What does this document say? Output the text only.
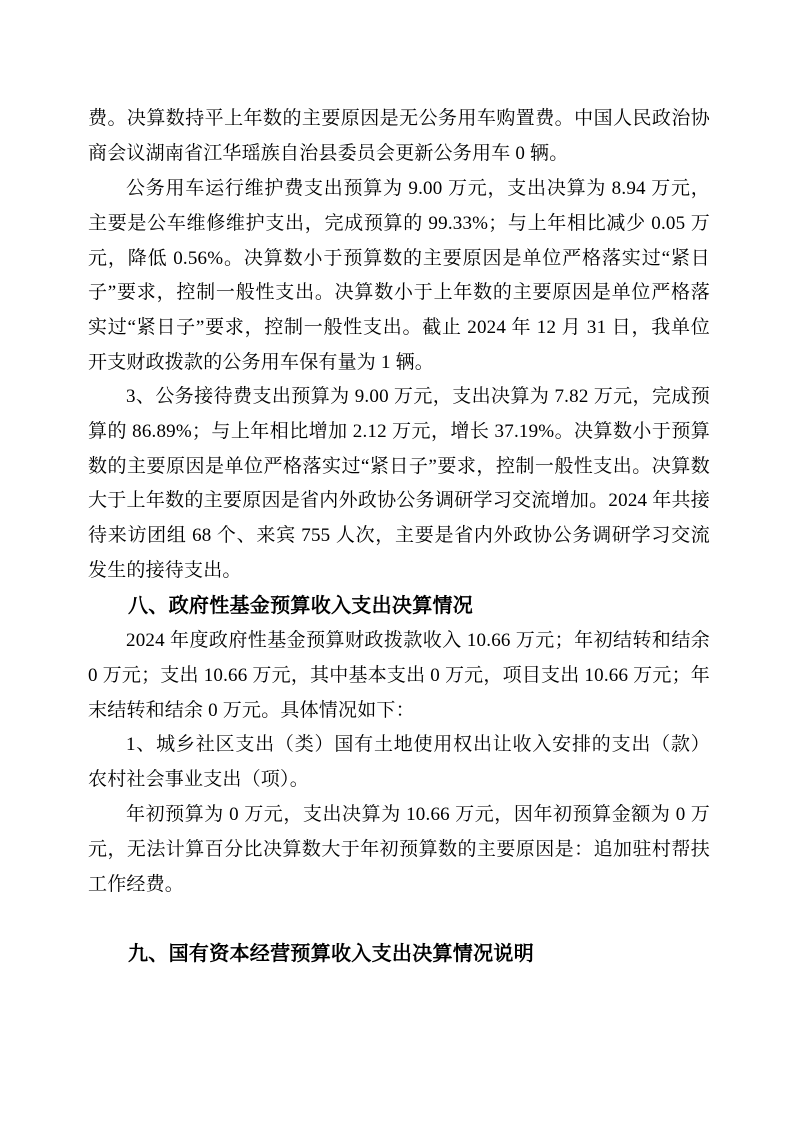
费。决算数持平上年数的主要原因是无公务用车购置费。中国人民政治协商会议湖南省江华瑶族自治县委员会更新公务用车 0 辆。

公务用车运行维护费支出预算为 9.00 万元，支出决算为 8.94 万元，主要是公车维修维护支出，完成预算的 99.33%；与上年相比减少 0.05 万元，降低 0.56%。决算数小于预算数的主要原因是单位严格落实过“紧日子”要求，控制一般性支出。决算数小于上年数的主要原因是单位严格落实过“紧日子”要求，控制一般性支出。截止 2024 年 12 月 31 日，我单位开支财政拨款的公务用车保有量为 1 辆。

3、公务接待费支出预算为 9.00 万元，支出决算为 7.82 万元，完成预算的 86.89%；与上年相比增加 2.12 万元，增长 37.19%。决算数小于预算数的主要原因是单位严格落实过“紧日子”要求，控制一般性支出。决算数大于上年数的主要原因是省内外政协公务调研学习交流增加。2024 年共接待来访团组 68 个、来宾 755 人次，主要是省内外政协公务调研学习交流发生的接待支出。

八、政府性基金预算收入支出决算情况

2024 年度政府性基金预算财政拨款收入 10.66 万元；年初结转和结余 0 万元；支出 10.66 万元，其中基本支出 0 万元，项目支出 10.66 万元；年末结转和结余 0 万元。具体情况如下：

1、城乡社区支出（类）国有土地使用权出让收入安排的支出（款）农村社会事业支出（项）。

年初预算为 0 万元，支出决算为 10.66 万元，因年初预算金额为 0 万元，无法计算百分比决算数大于年初预算数的主要原因是：追加驻村帮扶工作经费。

九、国有资本经营预算收入支出决算情况说明
